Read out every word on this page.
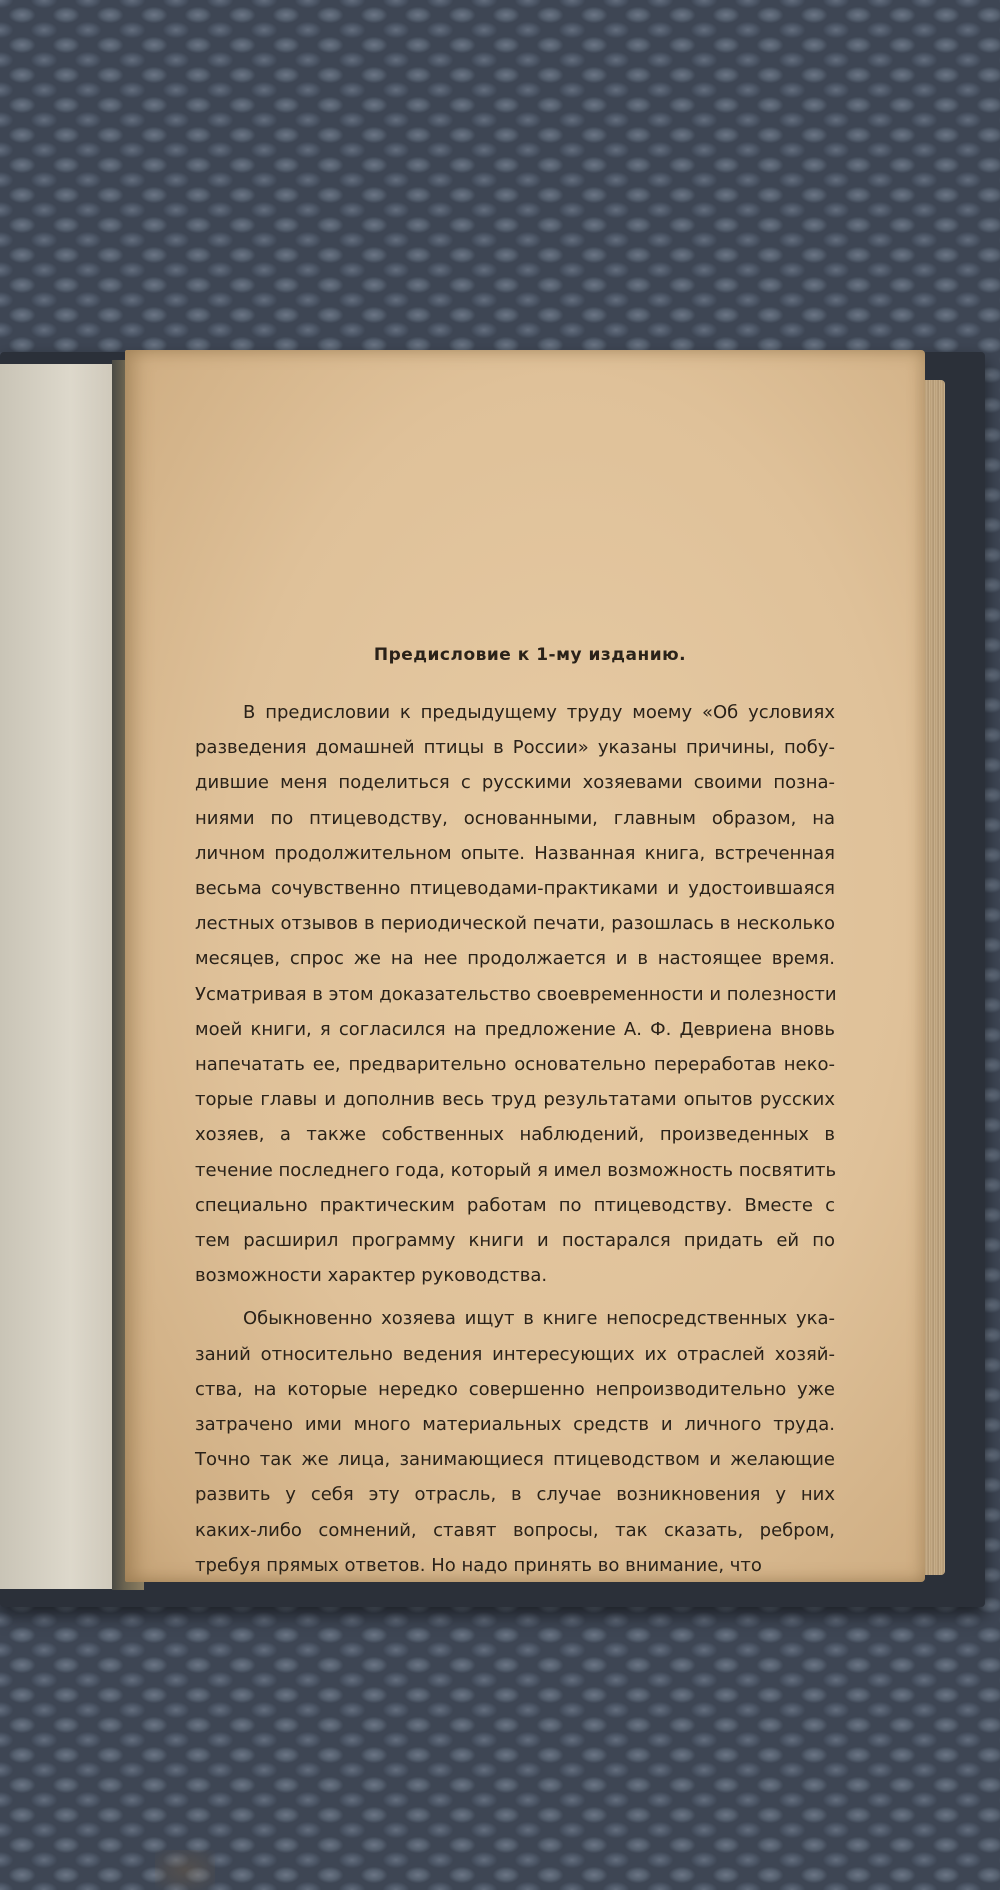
Предисловие к 1-му изданию.
В предисловии к предыдущему труду моему «Об условиях
разведения домашней птицы в России» указаны причины, побу-
дившие меня поделиться с русскими хозяевами своими позна-
ниями по птицеводству, основанными, главным образом, на
личном продолжительном опыте. Названная книга, встреченная
весьма сочувственно птицеводами-практиками и удостоившаяся
лестных отзывов в периодической печати, разошлась в несколько
месяцев, спрос же на нее продолжается и в настоящее время.
Усматривая в этом доказательство своевременности и полезности
моей книги, я согласился на предложение А. Ф. Девриена вновь
напечатать ее, предварительно основательно переработав неко-
торые главы и дополнив весь труд результатами опытов русских
хозяев, а также собственных наблюдений, произведенных в
течение последнего года, который я имел возможность посвятить
специально практическим работам по птицеводству. Вместе с
тем расширил программу книги и постарался придать ей по
возможности характер руководства.
Обыкновенно хозяева ищут в книге непосредственных ука-
заний относительно ведения интересующих их отраслей хозяй-
ства, на которые нередко совершенно непроизводительно уже
затрачено ими много материальных средств и личного труда.
Точно так же лица, занимающиеся птицеводством и желающие
развить у себя эту отрасль, в случае возникновения у них
каких-либо сомнений, ставят вопросы, так сказать, ребром,
требуя прямых ответов. Но надо принять во внимание, что
